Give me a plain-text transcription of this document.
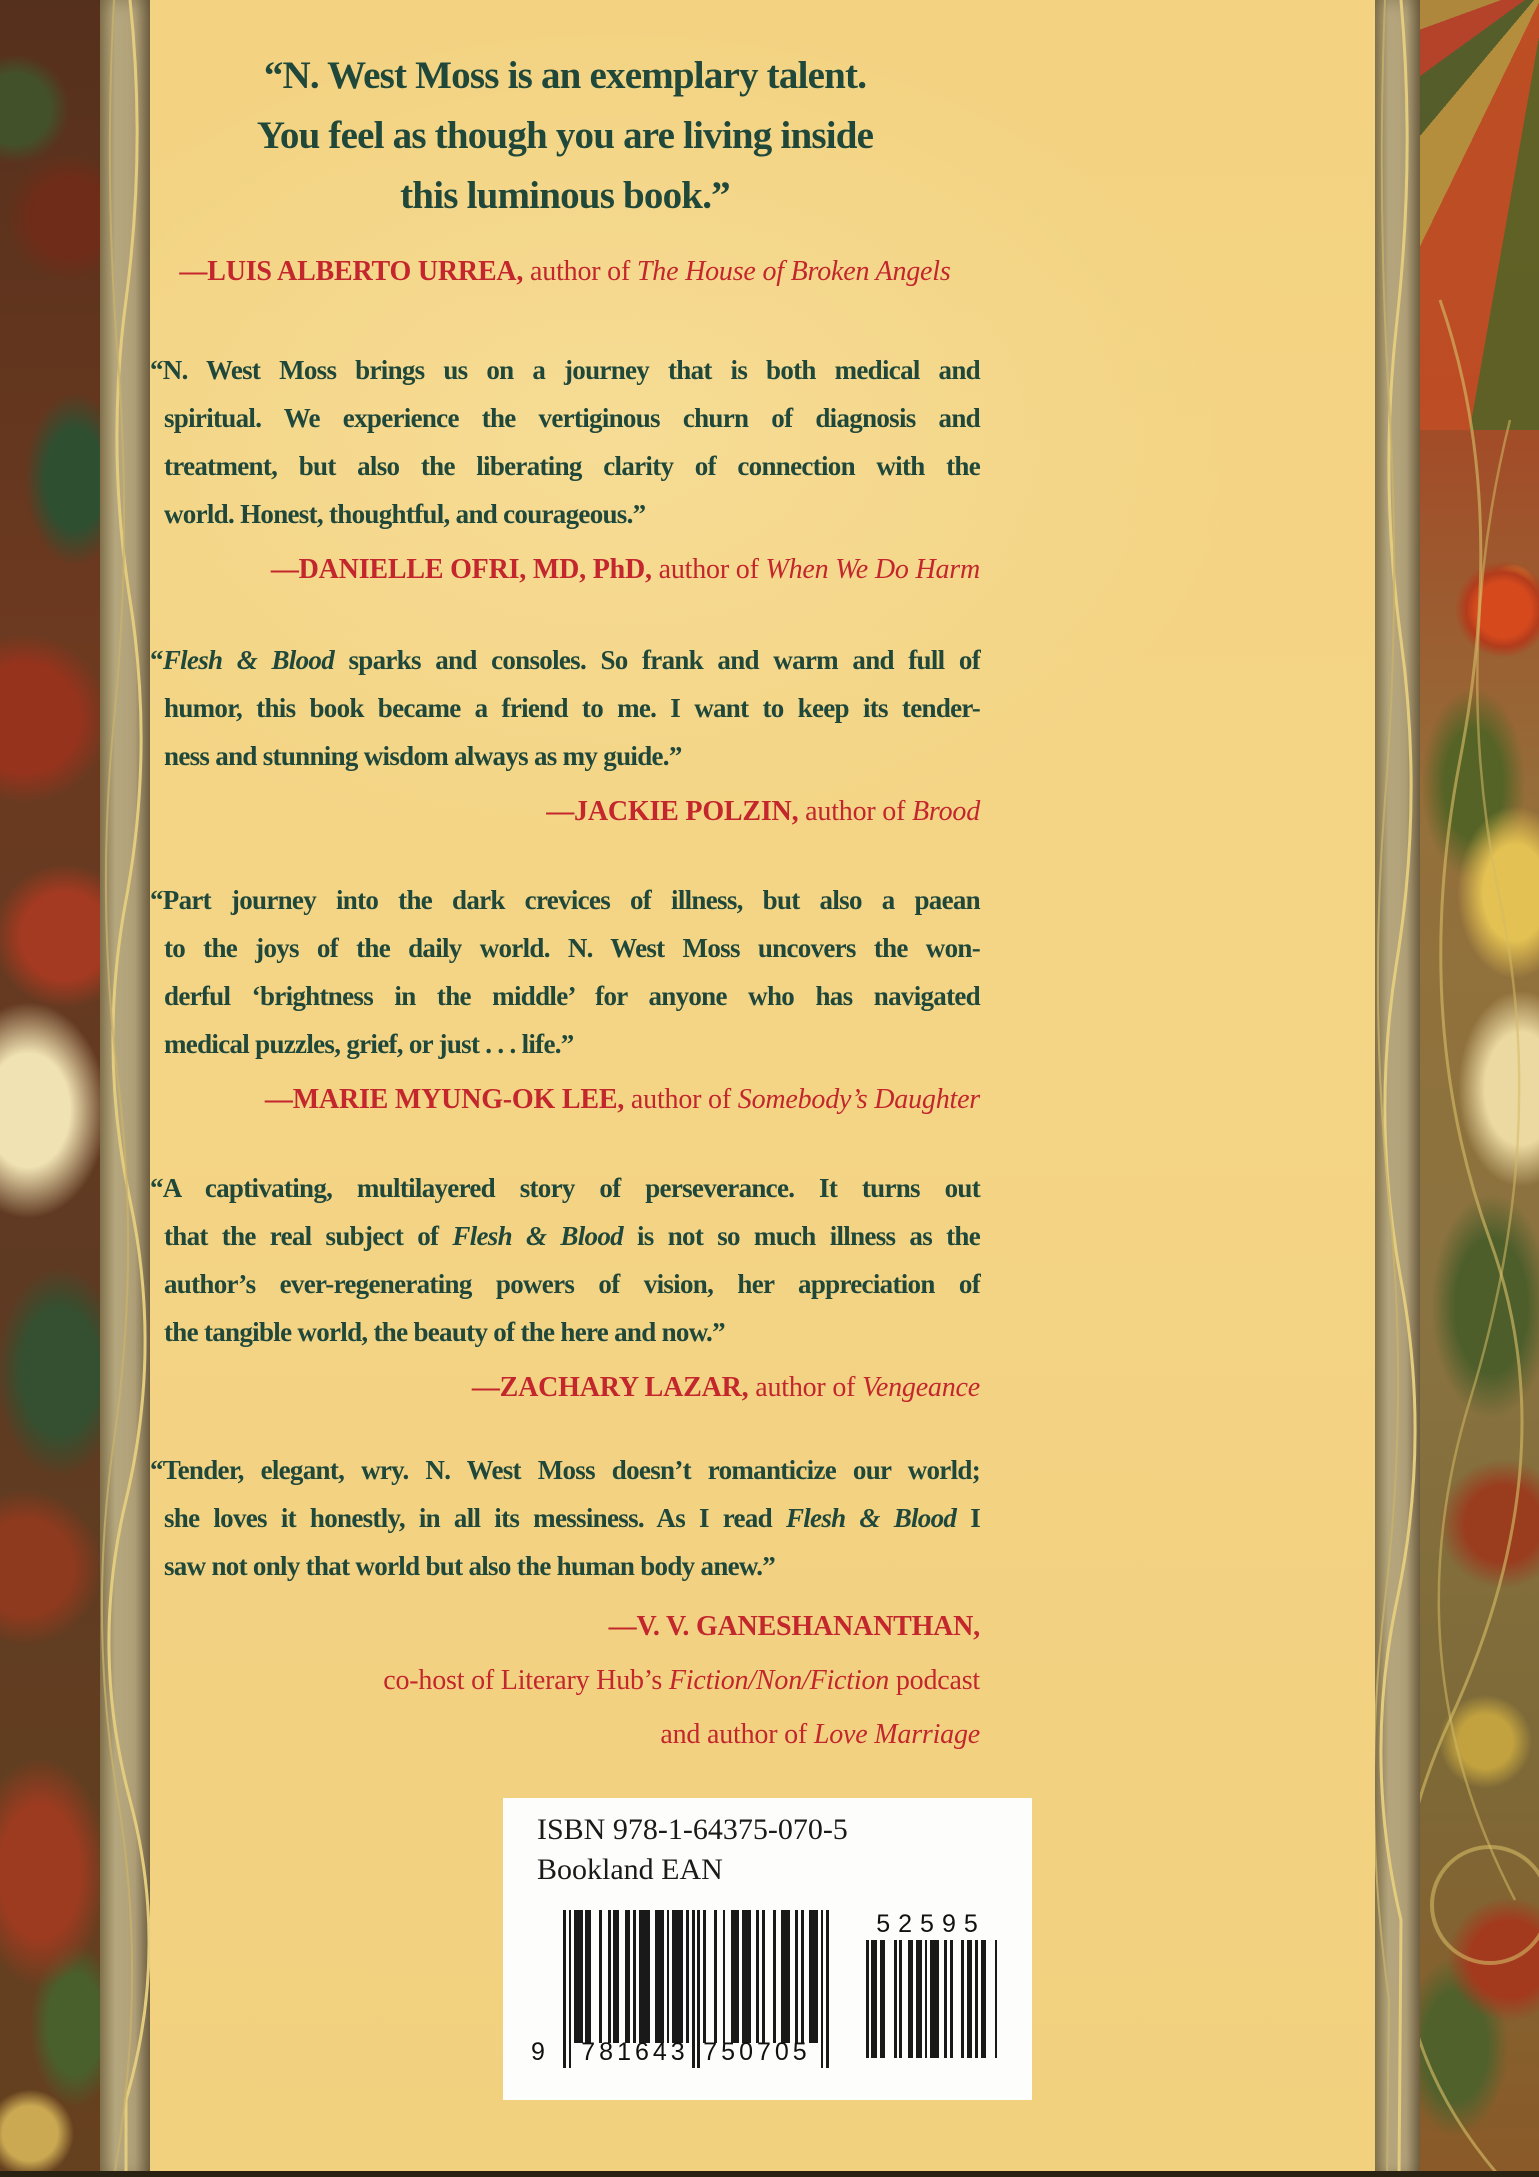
“N. West Moss is an exemplary talent.
You feel as though you are living inside
this luminous book.”
—LUIS ALBERTO URREA, author of The House of Broken Angels
“N. West Moss brings us on a journey that is both medical and
spiritual. We experience the vertiginous churn of diagnosis and
treatment, but also the liberating clarity of connection with the
world. Honest, thoughtful, and courageous.”
—DANIELLE OFRI, MD, PhD, author of When We Do Harm
“Flesh & Blood sparks and consoles. So frank and warm and full of
humor, this book became a friend to me. I want to keep its tender-
ness and stunning wisdom always as my guide.”
—JACKIE POLZIN, author of Brood
“Part journey into the dark crevices of illness, but also a paean
to the joys of the daily world. N. West Moss uncovers the won-
derful ‘brightness in the middle’ for anyone who has navigated
medical puzzles, grief, or just . . . life.”
—MARIE MYUNG-OK LEE, author of Somebody’s Daughter
“A captivating, multilayered story of perseverance. It turns out
that the real subject of Flesh & Blood is not so much illness as the
author’s ever-regenerating powers of vision, her appreciation of
the tangible world, the beauty of the here and now.”
—ZACHARY LAZAR, author of Vengeance
“Tender, elegant, wry. N. West Moss doesn’t romanticize our world;
she loves it honestly, in all its messiness. As I read Flesh & Blood I
saw not only that world but also the human body anew.”
—V. V. GANESHANANTHAN,
co-host of Literary Hub’s Fiction/Non/Fiction podcast
and author of Love Marriage
ISBN 978-1-64375-070-5
Bookland EAN
9 781643 750705
52595
